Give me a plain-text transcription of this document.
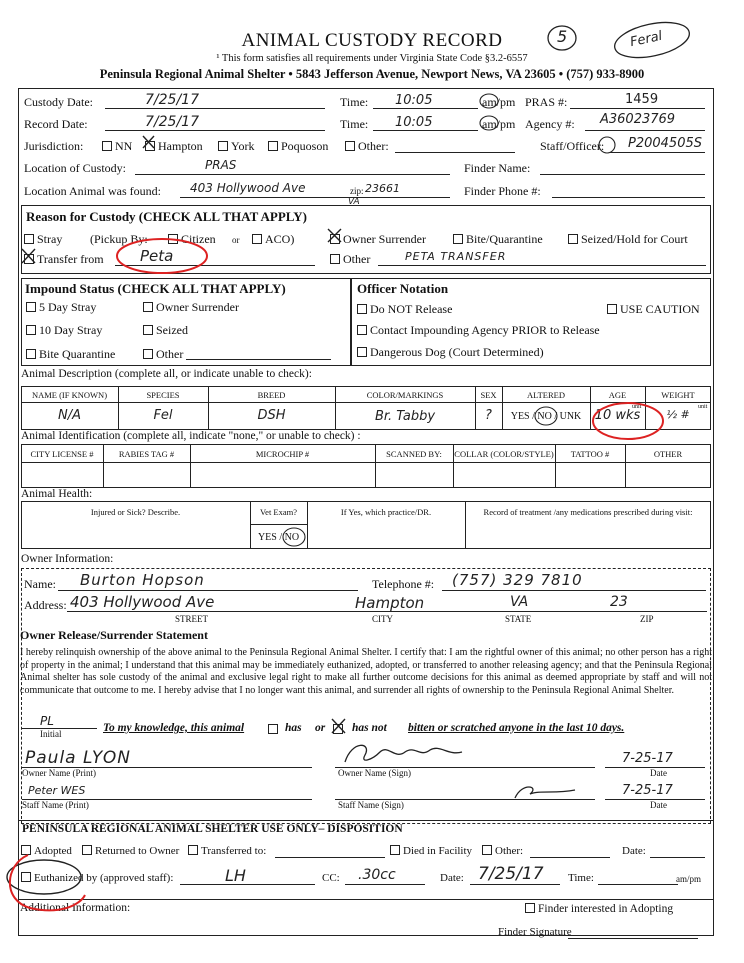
ANIMAL CUSTODY RECORD
¹ This form satisfies all requirements under Virginia State Code §3.2-6557
Peninsula Regional Animal Shelter • 5843 Jefferson Avenue, Newport News, VA 23605 • (757) 933-8900
5	Feral
Custody Date:	7/25/17	Time: 10:05	am/pm PRAS #:	1459
Record Date:	7/25/17	Time: 10:05	am/pm Agency #: A36023769
Jurisdiction:	NN	Hampton	York	Poquoson	Other:	Staff/Officer: P2004505S
Location of Custody:	PRAS	Finder Name:
Location Animal was found: 403 Hollywood Ave	zip: 23661
VA
Finder Phone #:
Reason for Custody (CHECK ALL THAT APPLY)
Stray (Pickup By:	Citizen or	ACO)	Owner Surrender	Bite/Quarantine	Seized/Hold for Court
Transfer from Peta	Other	PETA TRANSFER
Impound Status (CHECK ALL THAT APPLY)
5 Day Stray	Owner Surrender
10 Day Stray	Seized
Bite Quarantine	Other
Officer Notation
Do NOT Release	USE CAUTION
Contact Impounding Agency PRIOR to Release
Dangerous Dog (Court Determined)
Animal Description (complete all, or indicate unable to check):
NAME (IF KNOWN)	SPECIES	BREED	COLOR/MARKINGS	SEX	ALTERED	AGE	WEIGHT
N/A	Fel	DSH	Br. Tabby	?	YES / NO / UNK	10 wks	½ #
unit	unit
Animal Identification (complete all, indicate "none," or unable to check) :
CITY LICENSE #	RABIES TAG #	MICROCHIP #	SCANNED BY:	COLLAR (COLOR/STYLE)	TATTOO #	OTHER
Animal Health:
Injured or Sick? Describe.	Vet Exam?	If Yes, which practice/DR.	Record of treatment /any medications prescribed during visit:
YES / NO
Owner Information:
Name: Burton Hopson	Telephone #: (757) 329 7810
Address: 403 Hollywood Ave	Hampton	VA	23
STREET	CITY	STATE	ZIP
Owner Release/Surrender Statement
I hereby relinquish ownership of the above animal to the Peninsula Regional Animal Shelter. I certify that: I am the rightful owner of this animal; no other person has a right of property in the animal; I understand that this animal may be immediately euthanized, adopted, or transferred to another releasing agency; and that the Peninsula Regional Animal shelter has sole custody of the animal and exclusive legal right to make all further outcome decisions for this animal as deemed appropriate by staff and will not communicate that outcome to me. I hereby advise that I no longer want this animal, and surrender all rights of ownership to the Peninsula Regional Animal Shelter.
PL
Initial	To my knowledge, this animal	has or has not bitten or scratched anyone in the last 10 days.
Paula LYON
Owner Name (Print)	Owner Name (Sign)
7-25-17
Date
Peter WES
Staff Name (Print)	Staff Name (Sign)
7-25-17
Date
PENINSULA REGIONAL ANIMAL SHELTER USE ONLY– DISPOSITION
Adopted	Returned to Owner	Transferred to:	Died in Facility	Other:	Date:
Euthanized by (approved staff):	LH	CC: .30cc	Date: 7/25/17 Time:	am/pm
Additional Information:	Finder interested in Adopting
Finder Signature
